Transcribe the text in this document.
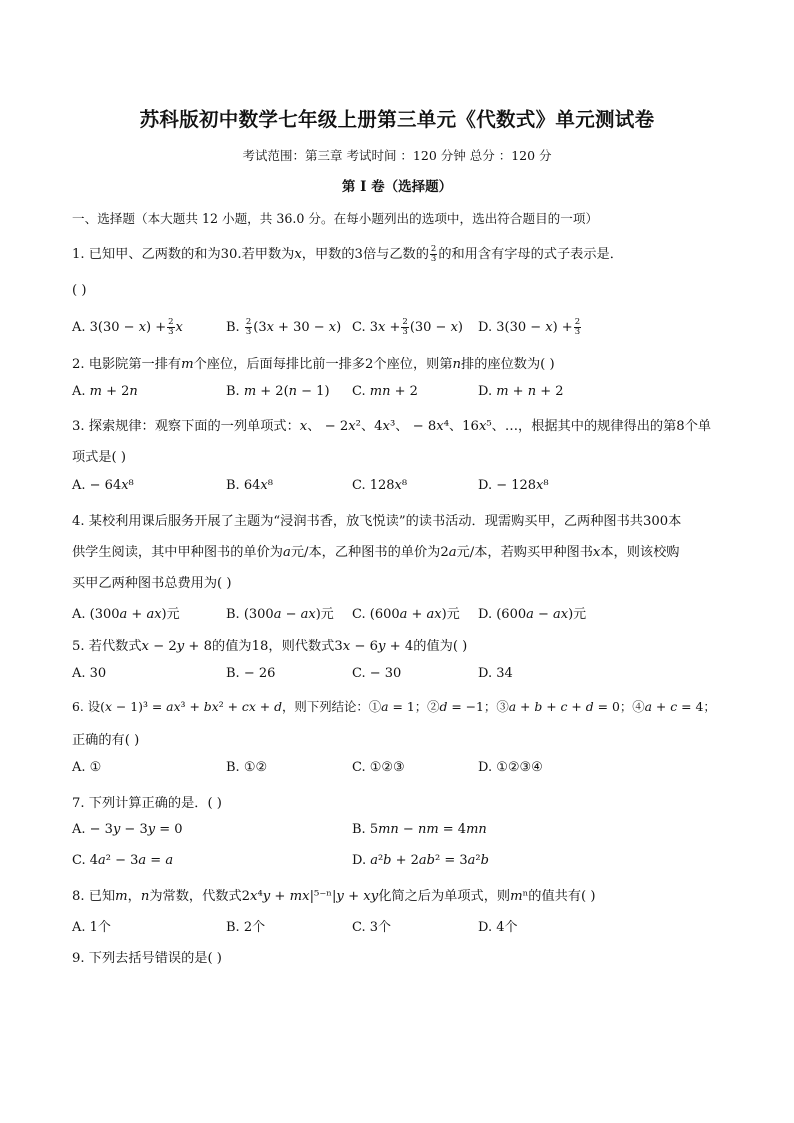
苏科版初中数学七年级上册第三单元《代数式》单元测试卷
考试范围：第三章 考试时间 ：120 分钟 总分 ：120 分
第 I 卷（选择题）
一、选择题（本大题共 12 小题，共 36.0 分。在每小题列出的选项中，选出符合题目的一项）
1. 已知甲、乙两数的和为30.若甲数为𝑥，甲数的3倍与乙数的 $\frac{2}{3}$ 的和用含有字母的式子表示是．
( )
A. 3(30 − 𝑥) + $\frac{2}{3}$ 𝑥	B. $\frac{2}{3}$ (3𝑥 + 30 − 𝑥) C. 3𝑥 + $\frac{2}{3} (30$ − 𝑥) D. 3(30 − 𝑥) + $\frac{2}{3}$
2. 电影院第一排有𝑚个座位，后面每排比前一排多2个座位，则第𝑛排的座位数为( )
A. 𝑚 + 2𝑛	B. 𝑚 + 2(𝑛 − 1) C. 𝑚𝑛 + 2	D. 𝑚 + 𝑛 + 2
3. 探索规律：观察下面的一列单项式：𝑥、 − 2𝑥²、4𝑥³、 − 8𝑥⁴、16𝑥⁵、…，根据其中的规律得出的第8个单
项式是( )
A. − 64𝑥⁸	B. 64𝑥⁸	C. 128𝑥⁸	D. − 128𝑥⁸
4. 某校利用课后服务开展了主题为“浸润书香，放飞悦读”的读书活动．现需购买甲，乙两种图书共300本
供学生阅读，其中甲种图书的单价为𝑎元/本，乙种图书的单价为2𝑎元/本，若购买甲种图书𝑥本，则该校购
买甲乙两种图书总费用为( )
A. (300𝑎 + 𝑎𝑥)元	B. (300𝑎 − 𝑎𝑥)元 C. (600𝑎 + 𝑎𝑥)元 D. (600𝑎 − 𝑎𝑥)元
5. 若代数式𝑥 − 2𝑦 + 8的值为18，则代数式3𝑥 − 6𝑦 + 4的值为( )
A. 30	B. − 26	C. − 30	D. 34
6. 设(𝑥 − 1)³ = 𝑎𝑥³ + 𝑏𝑥² + 𝑐𝑥 + 𝑑，则下列结论：①𝑎 = 1；②𝑑 = −1；③𝑎 + 𝑏 + 𝑐 + 𝑑 = 0；④𝑎 + 𝑐 = 4；
正确的有( )
A. ①	B. ①②	C. ①②③	D. ①②③④
7. 下列计算正确的是．( )
A. − 3𝑦 − 3𝑦 = 0	B. 5𝑚𝑛 − 𝑛𝑚 = 4𝑚𝑛
C. 4𝑎² − 3𝑎 = 𝑎	D. 𝑎²𝑏 + 2𝑎𝑏² = 3𝑎²𝑏
8. 已知𝑚，𝑛为常数，代数式2𝑥⁴𝑦 + 𝑚𝑥|⁵⁻ⁿ|𝑦 + 𝑥𝑦化简之后为单项式，则𝑚ⁿ的值共有( )
A. 1个	B. 2个	C. 3个	D. 4个
9. 下列去括号错误的是( )
